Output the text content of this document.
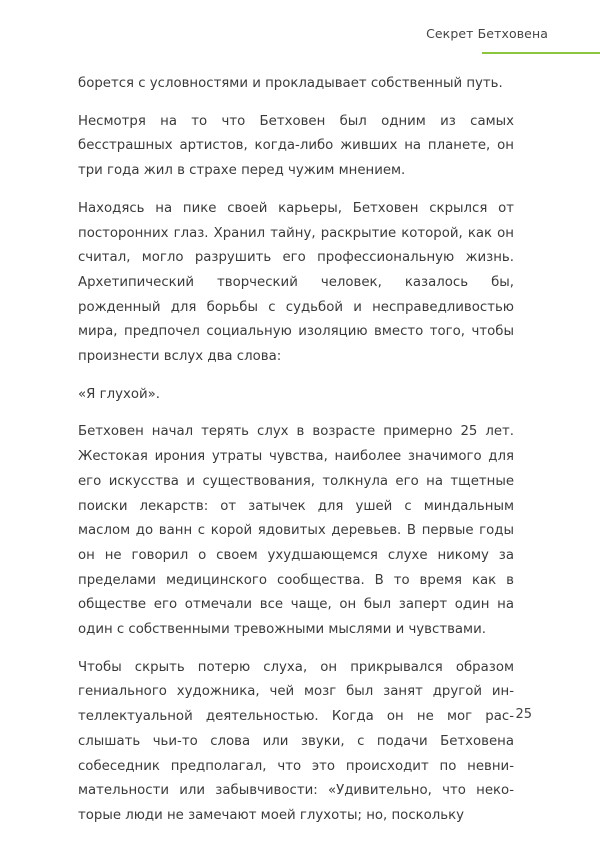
Секрет Бетховена

борется с условностями и прокладывает собственный путь.

Несмотря на то что Бетховен был одним из самых бесстрашных артистов, когда-либо живших на планете, он три года жил в страхе перед чужим мнением.

Находясь на пике своей карьеры, Бетховен скрылся от посторонних глаз. Хранил тайну, раскрытие которой, как он считал, могло разрушить его профессиональную жизнь. Архетипический творческий человек, казалось бы, рожденный для борьбы с судьбой и несправедливостью мира, предпочел социальную изоляцию вместо того, чтобы произнести вслух два слова:

«Я глухой».

Бетховен начал терять слух в возрасте примерно 25 лет. Жестокая ирония утраты чувства, наиболее значимого для его искусства и существования, толкнула его на тщетные поиски лекарств: от затычек для ушей с миндальным маслом до ванн с корой ядовитых деревьев. В первые годы он не говорил о своем ухудшающемся слухе никому за пределами медицинского сообщества. В то время как в обществе его отмечали все чаще, он был заперт один на один с собственными тревожными мыслями и чувствами.

Чтобы скрыть потерю слуха, он прикрывался образом гениального художника, чей мозг был занят другой интеллектуальной деятельностью. Когда он не мог расслышать чьи-то слова или звуки, с подачи Бетховена собеседник предполагал, что это происходит по невнимательности или забывчивости: «Удивительно, что некоторые люди не замечают моей глухоты; но, поскольку

25
